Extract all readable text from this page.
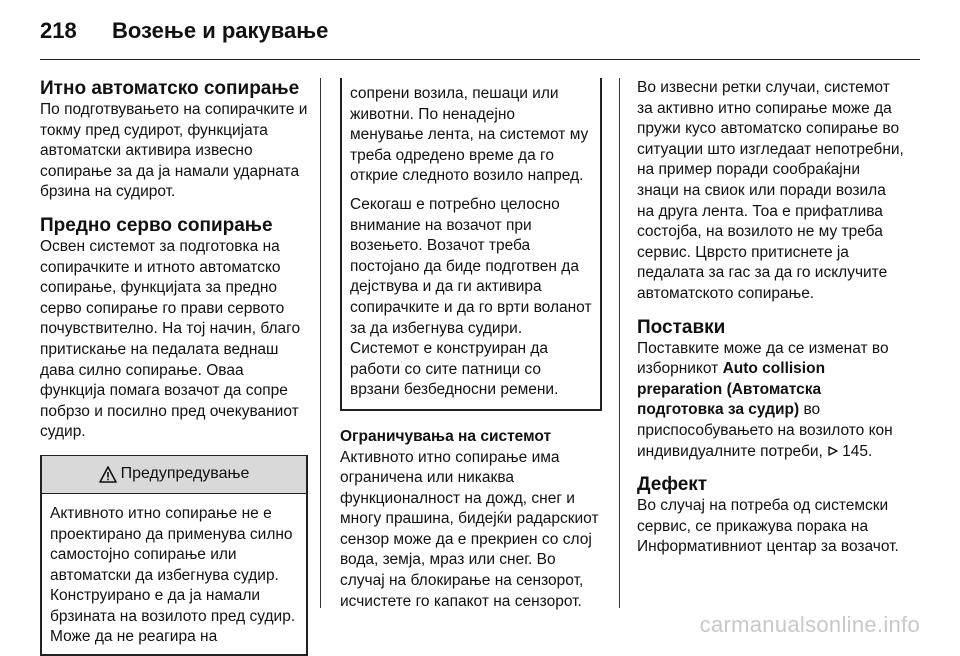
218	Возење и ракување
Итно автоматско сопирање

По подготвувањето на сопирачките и токму пред судирот, функцијата автоматски активира извесно сопирање за да ја намали ударната брзина на судирот.

Предно серво сопирање

Освен системот за подготовка на сопирачките и итното автоматско сопирање, функцијата за предно серво сопирање го прави сервото почувствително. На тој начин, благо притискање на педалата веднаш дава силно сопирање. Оваа функција помага возачот да сопре побрзо и посилно пред очекуваниот судир.

Предупредување

Активното итно сопирање не е проектирано да применува силно самостојно сопирање или автоматски да избегнува судир. Конструирано е да ја намали брзината на возилото пред судир. Може да не реагира на

сопрени возила, пешаци или животни. По ненадејно менување лента, на системот му треба одредено време да го открие следното возило напред.

Секогаш е потребно целосно внимание на возачот при возењето. Возачот треба постојано да биде подготвен да дејствува и да ги активира сопирачките и да го врти воланот за да избегнува судири. Системот е конструиран да работи со сите патници со врзани безбедносни ремени.

Ограничувања на системот

Активното итно сопирање има ограничена или никаква функционалност на дожд, снег и многу прашина, бидејќи радарскиот сензор може да е прекриен со слој вода, земја, мраз или снег. Во случај на блокирање на сензорот, исчистете го капакот на сензорот.

Во извесни ретки случаи, системот за активно итно сопирање може да пружи кусо автоматско сопирање во ситуации што изгледаат непотребни, на пример поради сообраќајни знаци на свиок или поради возила на друга лента. Тоа е прифатлива состојба, на возилото не му треба сервис. Цврсто притиснете ја педалата за гас за да го исклучите автоматското сопирање.

Поставки

Поставките може да се изменат во изборникот Auto collision preparation (Автоматска подготовка за судир) во приспособувањето на возилото кон индивидуалните потреби, 145.

Дефект

Во случај на потреба од системски сервис, се прикажува порака на Информативниот центар за возачот.

carmanualsonline.info
